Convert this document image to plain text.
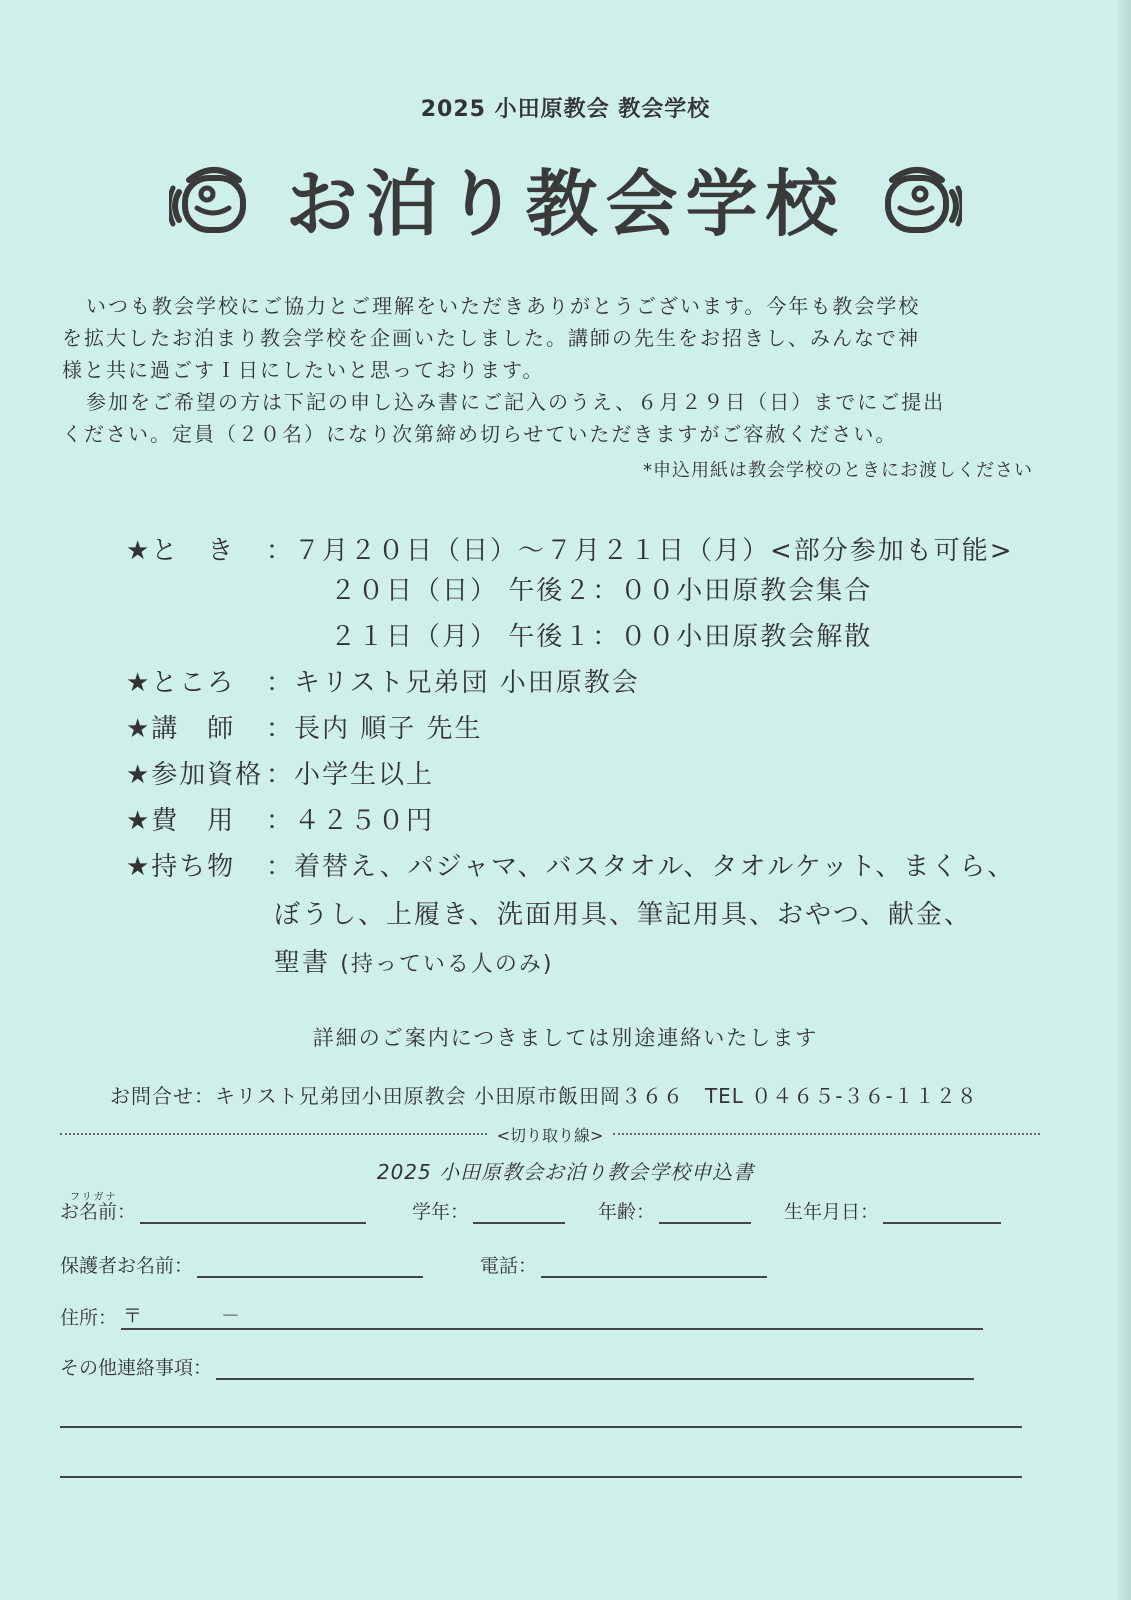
2025 小田原教会 教会学校
お泊り教会学校

いつも教会学校にご協力とご理解をいただきありがとうございます。今年も教会学校

を拡大したお泊まり教会学校を企画いたしました。講師の先生をお招きし、みんなで神

様と共に過ごすＩ日にしたいと思っております。

参加をご希望の方は下記の申し込み書にご記入のうえ、６月２９日（日）までにご提出

ください。定員（２０名）になり次第締め切らせていただきますがご容赦ください。

*申込用紙は教会学校のときにお渡しください
★と　き ：７月２０日（日）～７月２１日（月）<部分参加も可能>
２０日（日） 午後２：００小田原教会集合
２１日（月） 午後１：００小田原教会解散
★ところ ：キリスト兄弟団 小田原教会
★講　師 ：長内 順子 先生
★参加資格 ：小学生以上
★費　用 ：４２５０円
★持ち物 ：着替え、パジャマ、バスタオル、タオルケット、まくら、
ぼうし、上履き、洗面用具、筆記用具、おやつ、献金、
聖書 (持っている人のみ)
詳細のご案内につきましては別途連絡いたします
お問合せ：キリスト兄弟団小田原教会 小田原市飯田岡３６６　TEL ０４６５-３６-１１２８
<切り取り線>
2025 小田原教会お泊り教会学校申込書
フリガナ
お名前：	学年：	年齢：	生年月日：
保護者お名前：	電話：
住所： 〒	－
その他連絡事項：
